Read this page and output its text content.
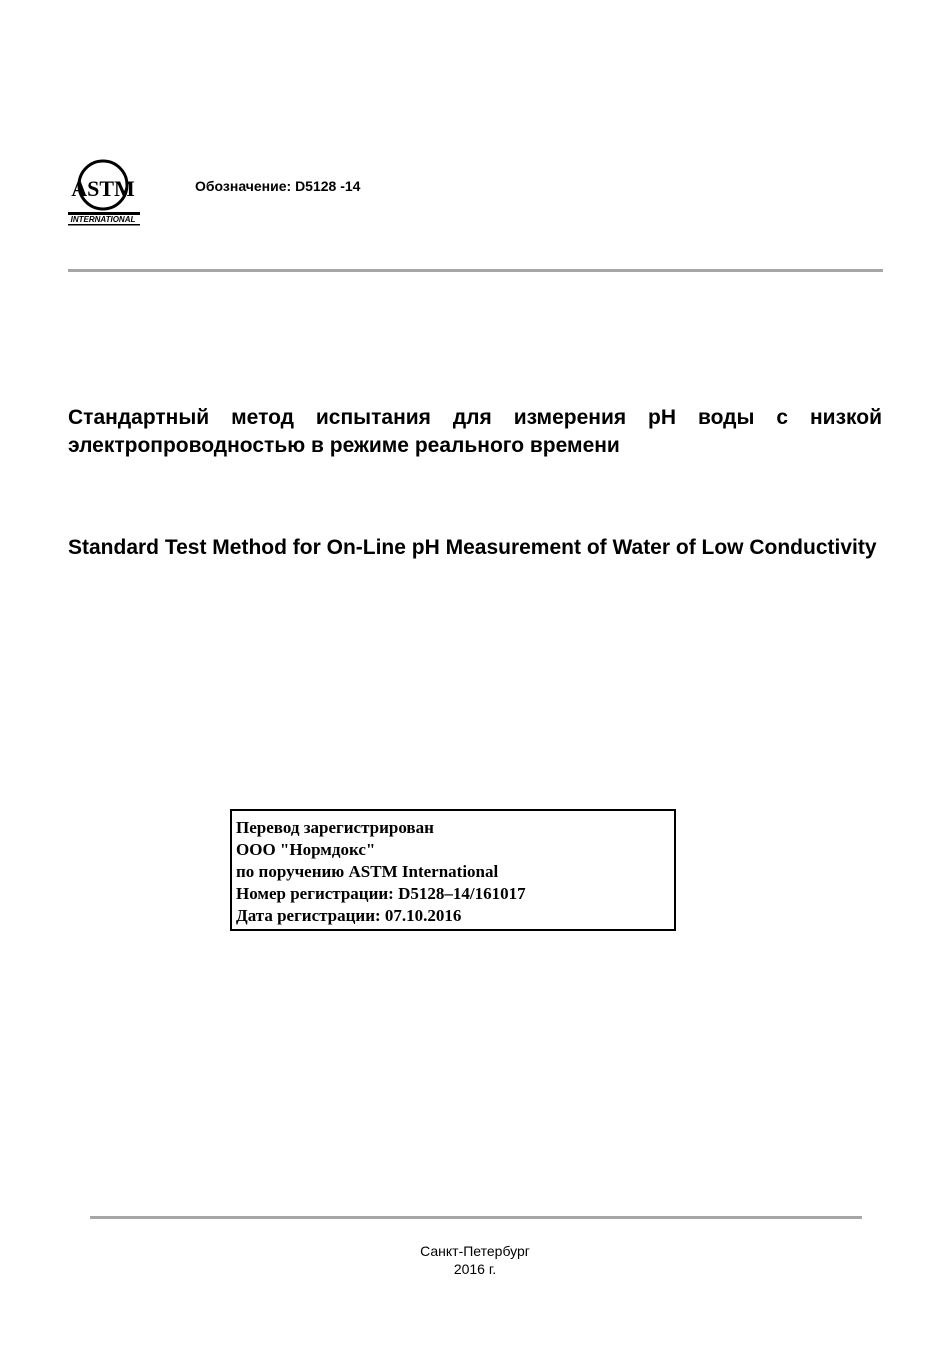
ASTM
INTERNATIONAL
Обозначение: D5128 -14

Стандартный метод испытания для измерения pH воды с низкой электропроводностью в режиме реального времени

Standard Test Method for On-Line pH Measurement of Water of Low Conductivity

Перевод зарегистрирован
ООО "Нормдокс"
по поручению ASTM International
Номер регистрации: D5128–14/161017
Дата регистрации: 07.10.2016
Санкт-Петербург
2016 г.
